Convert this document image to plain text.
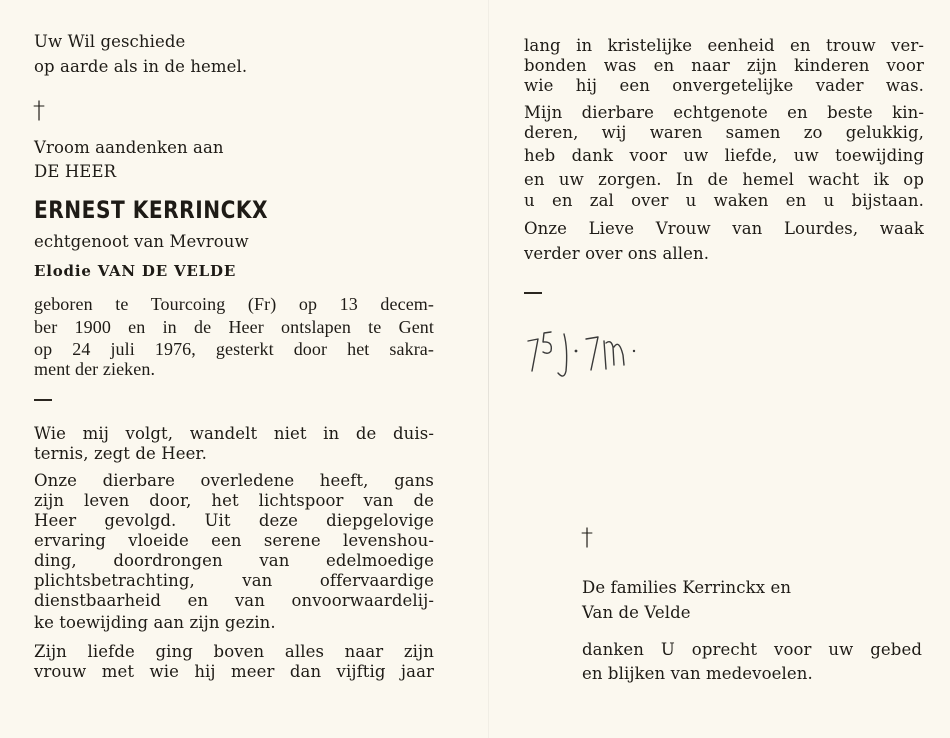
Uw Wil geschiede
op aarde als in de hemel.
†
Vroom aandenken aan
DE HEER
ERNEST KERRINCKX
echtgenoot van Mevrouw
Elodie VAN DE VELDE
geboren te Tourcoing (Fr) op 13 decem-
ber 1900 en in de Heer ontslapen te Gent
op 24 juli 1976, gesterkt door het sakra-
ment der zieken.
Wie mij volgt, wandelt niet in de duis-
ternis, zegt de Heer.
Onze dierbare overledene heeft, gans
zijn leven door, het lichtspoor van de
Heer gevolgd. Uit deze diepgelovige
ervaring vloeide een serene levenshou-
ding, doordrongen van edelmoedige
plichtsbetrachting, van offervaardige
dienstbaarheid en van onvoorwaardelij-
ke toewijding aan zijn gezin.
Zijn liefde ging boven alles naar zijn
vrouw met wie hij meer dan vijftig jaar
lang in kristelijke eenheid en trouw ver-
bonden was en naar zijn kinderen voor
wie hij een onvergetelijke vader was.
Mijn dierbare echtgenote en beste kin-
deren, wij waren samen zo gelukkig,
heb dank voor uw liefde, uw toewijding
en uw zorgen. In de hemel wacht ik op
u en zal over u waken en u bijstaan.
Onze Lieve Vrouw van Lourdes, waak
verder over ons allen.
†
De families Kerrinckx en
Van de Velde
danken U oprecht voor uw gebed
en blijken van medevoelen.
